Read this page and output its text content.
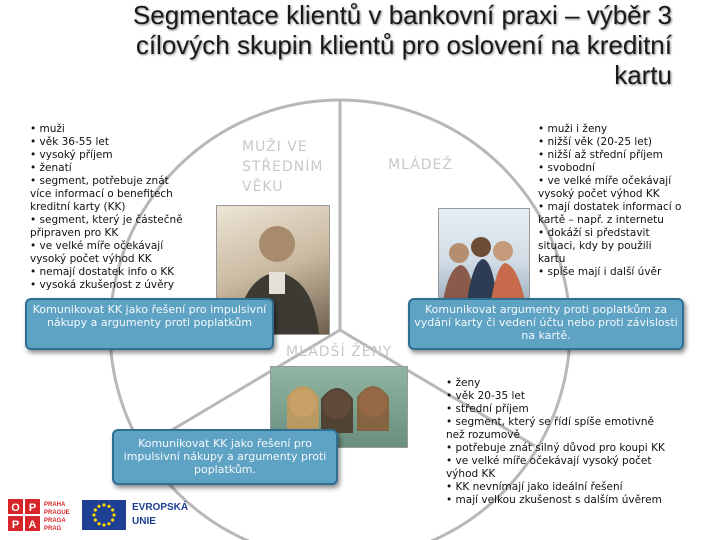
Segmentace klientů v bankovní praxi – výběr 3
cílových skupin klientů pro oslovení na kreditní
kartu
MUŽI VE
STŘEDNÍM
VĚKU
MLÁDEŽ
MLADŠÍ ŽENY
• muži
• věk 36-55 let
• vysoký příjem
• ženatí
• segment, potřebuje znát
více informací o benefitech
kreditní karty (KK)
• segment, který je částečně
připraven pro KK
• ve velké míře očekávají
vysoký počet výhod KK
• nemají dostatek info o KK
• vysoká zkušenost z úvěry
• muži i ženy
• nižší věk (20-25 let)
• nižší až střední příjem
• svobodní
• ve velké míře očekávají
vysoký počet výhod KK
• mají dostatek informací o
kartě – např. z internetu
• dokáží si představit
situaci, kdy by použili
kartu
• spíše mají i další úvěr
• ženy
• věk 20-35 let
• střední příjem
• segment, který se řídí spíše emotivně
než rozumově
• potřebuje znát silný důvod pro koupi KK
• ve velké míře očekávají vysoký počet
výhod KK
• KK nevnímají jako ideální řešení
• mají velkou zkušenost s dalším úvěrem
Komunikovat KK jako řešení pro impulsivní nákupy a argumenty proti poplatkům
Komunikovat argumenty proti poplatkům za vydání karty či vedení účtu nebo proti závislosti na kartě.
Komunikovat KK jako řešení pro impulsivní nákupy a argumenty proti poplatkům.
O P
P A
PRAHA
PRAGUE
PRAGA
PRAG
EVROPSKÁ
UNIE
